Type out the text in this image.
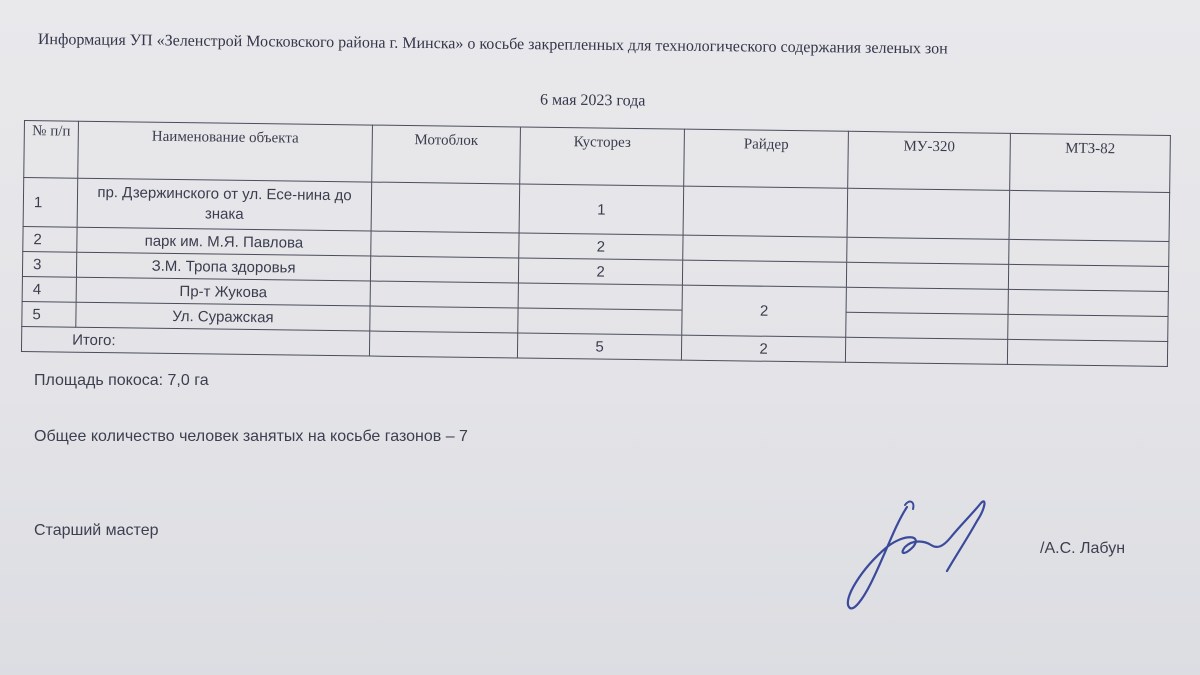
Информация УП «Зеленстрой Московского района г. Минска» о косьбе закрепленных для технологического содержания зеленых зон
6 мая 2023 года
№ п/п	Наименование объекта	Мотоблок	Кусторез	Райдер	МУ-320	МТЗ-82
1	пр. Дзержинского от ул. Есе-нина до знака		1			
2	парк им. М.Я. Павлова		2			
3	З.М. Тропа здоровья		2			
4	Пр-т Жукова			2		
5	Ул. Суражская					
Итого:			5	2		
Площадь покоса: 7,0 га
Общее количество человек занятых на косьбе газонов – 7
Старший мастер
/А.С. Лабун
